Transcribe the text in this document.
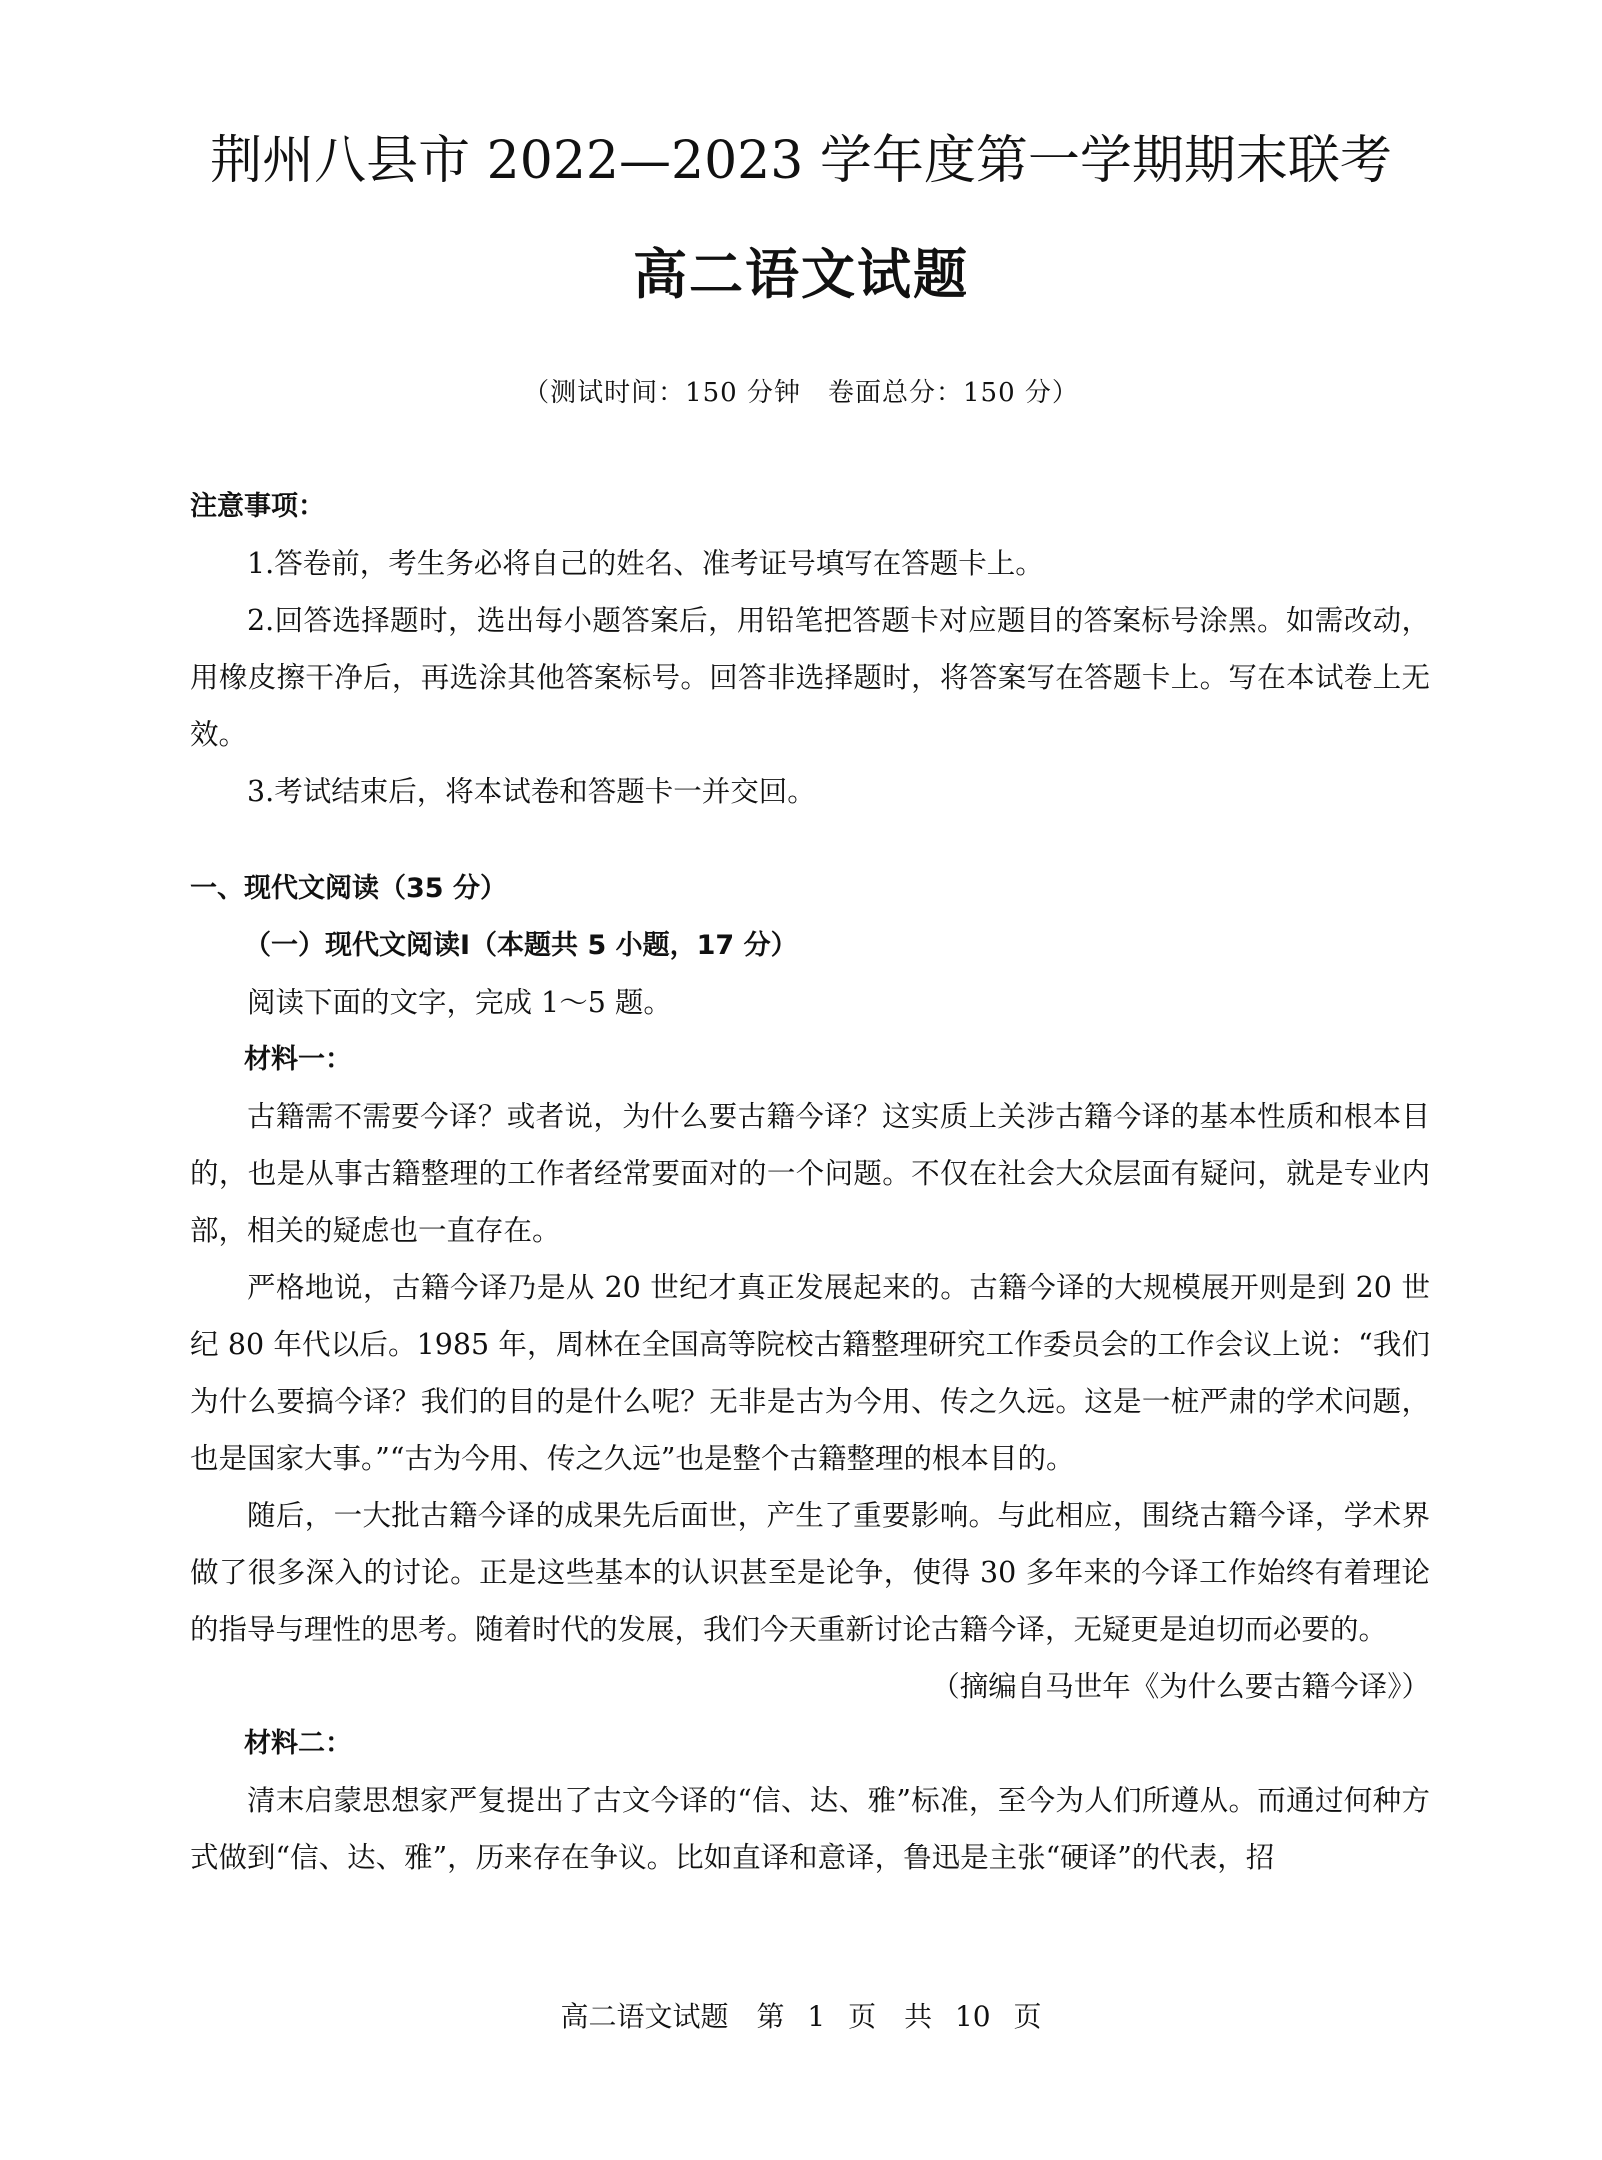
荆州八县市 2022—2023 学年度第一学期期末联考
高二语文试题
（测试时间：150 分钟　卷面总分：150 分）

注意事项：

1.答卷前，考生务必将自己的姓名、准考证号填写在答题卡上。

2.回答选择题时，选出每小题答案后，用铅笔把答题卡对应题目的答案标号涂黑。如需改动，用橡皮擦干净后，再选涂其他答案标号。回答非选择题时，将答案写在答题卡上。写在本试卷上无效。

3.考试结束后，将本试卷和答题卡一并交回。

一、现代文阅读（35 分）

（一）现代文阅读Ⅰ（本题共 5 小题，17 分）

阅读下面的文字，完成 1～5 题。

材料一：

古籍需不需要今译？或者说，为什么要古籍今译？这实质上关涉古籍今译的基本性质和根本目的，也是从事古籍整理的工作者经常要面对的一个问题。不仅在社会大众层面有疑问，就是专业内部，相关的疑虑也一直存在。

严格地说，古籍今译乃是从 20 世纪才真正发展起来的。古籍今译的大规模展开则是到 20 世纪 80 年代以后。1985 年，周林在全国高等院校古籍整理研究工作委员会的工作会议上说：“我们为什么要搞今译？我们的目的是什么呢？无非是古为今用、传之久远。这是一桩严肃的学术问题，也是国家大事。”“古为今用、传之久远”也是整个古籍整理的根本目的。

随后，一大批古籍今译的成果先后面世，产生了重要影响。与此相应，围绕古籍今译，学术界做了很多深入的讨论。正是这些基本的认识甚至是论争，使得 30 多年来的今译工作始终有着理论的指导与理性的思考。随着时代的发展，我们今天重新讨论古籍今译，无疑更是迫切而必要的。

（摘编自马世年《为什么要古籍今译》）

材料二：

清末启蒙思想家严复提出了古文今译的“信、达、雅”标准，至今为人们所遵从。而通过何种方式做到“信、达、雅”，历来存在争议。比如直译和意译，鲁迅是主张“硬译”的代表，招

高二语文试题　第 1 页　共 10 页
